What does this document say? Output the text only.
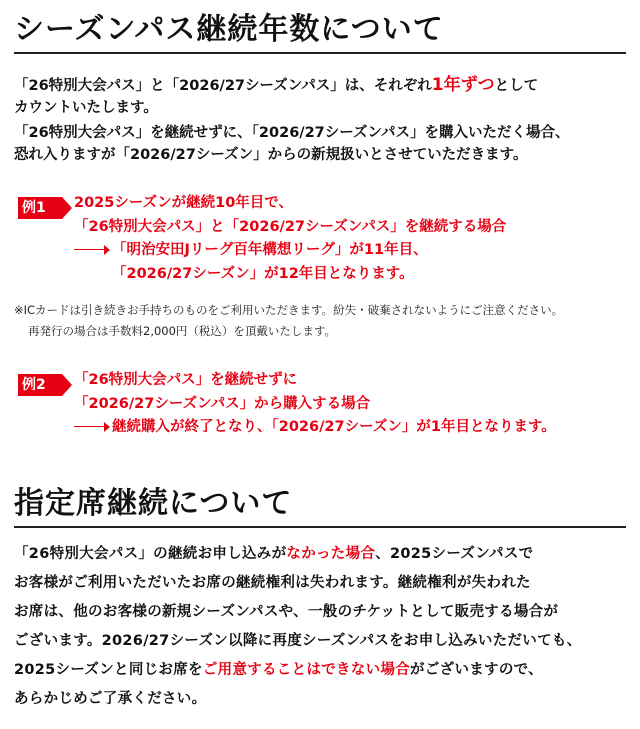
シーズンパス継続年数について

「26特別大会パス」と「2026/27シーズンパス」は、それぞれ1年ずつとして
カウントいたします。

「26特別大会パス」を継続せずに、「2026/27シーズンパス」を購入いただく場合、
恐れ入りますが「2026/27シーズン」からの新規扱いとさせていただきます。

例1	2025シーズンが継続10年目で、
「26特別大会パス」と「2026/27シーズンパス」を継続する場合
「明治安田Jリーグ百年構想リーグ」が11年目、
「2026/27シーズン」が12年目となります。
※ICカードは引き続きお手持ちのものをご利用いただきます。紛失・破棄されないようにご注意ください。
再発行の場合は手数料2,000円（税込）を頂戴いたします。
例2	「26特別大会パス」を継続せずに
「2026/27シーズンパス」から購入する場合
継続購入が終了となり、「2026/27シーズン」が1年目となります。
指定席継続について

「26特別大会パス」の継続お申し込みがなかった場合、2025シーズンパスで
お客様がご利用いただいたお席の継続権利は失われます。継続権利が失われた
お席は、他のお客様の新規シーズンパスや、一般のチケットとして販売する場合が
ございます。2026/27シーズン以降に再度シーズンパスをお申し込みいただいても、
2025シーズンと同じお席をご用意することはできない場合がございますので、
あらかじめご了承ください。
